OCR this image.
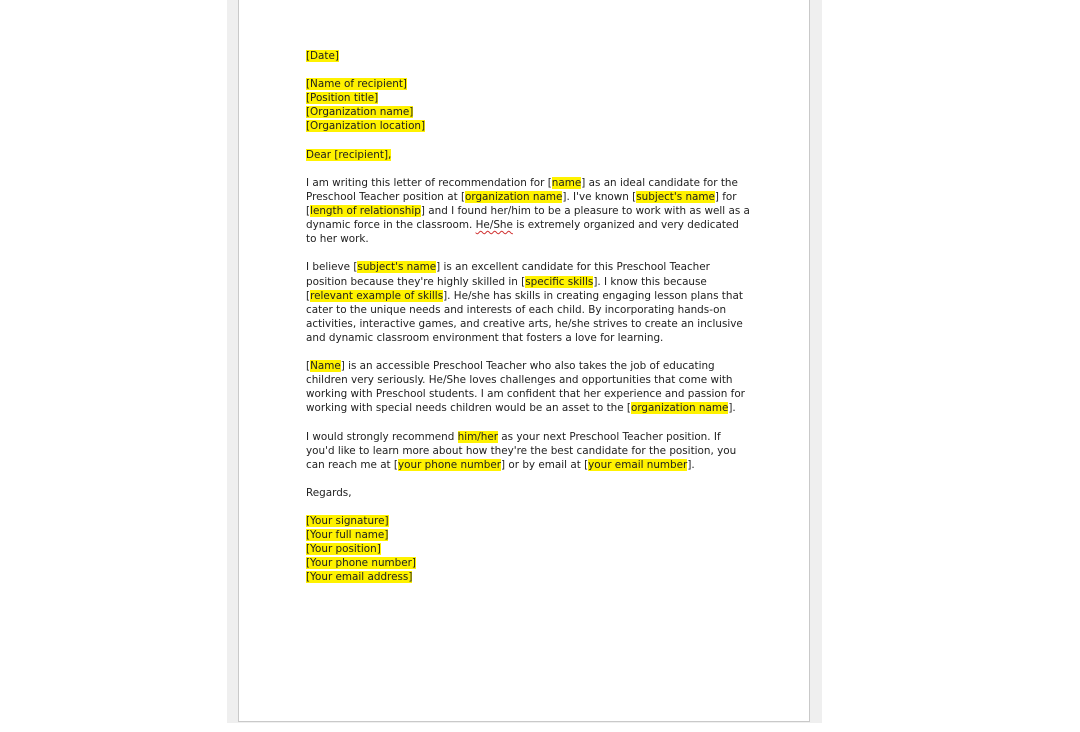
[Date]

[Name of recipient]
[Position title]
[Organization name]
[Organization location]

Dear [recipient],

I am writing this letter of recommendation for [name] as an ideal candidate for the Preschool Teacher position at [organization name]. I've known [subject's name] for [length of relationship] and I found her/him to be a pleasure to work with as well as a dynamic force in the classroom. He/She is extremely organized and very dedicated to her work.

I believe [subject's name] is an excellent candidate for this Preschool Teacher position because they're highly skilled in [specific skills]. I know this because [relevant example of skills]. He/she has skills in creating engaging lesson plans that cater to the unique needs and interests of each child. By incorporating hands-on activities, interactive games, and creative arts, he/she strives to create an inclusive and dynamic classroom environment that fosters a love for learning.

[Name] is an accessible Preschool Teacher who also takes the job of educating children very seriously. He/She loves challenges and opportunities that come with working with Preschool students. I am confident that her experience and passion for working with special needs children would be an asset to the [organization name].

I would strongly recommend him/her as your next Preschool Teacher position. If you'd like to learn more about how they're the best candidate for the position, you can reach me at [your phone number] or by email at [your email number].

Regards,

[Your signature]
[Your full name]
[Your position]
[Your phone number]
[Your email address]
